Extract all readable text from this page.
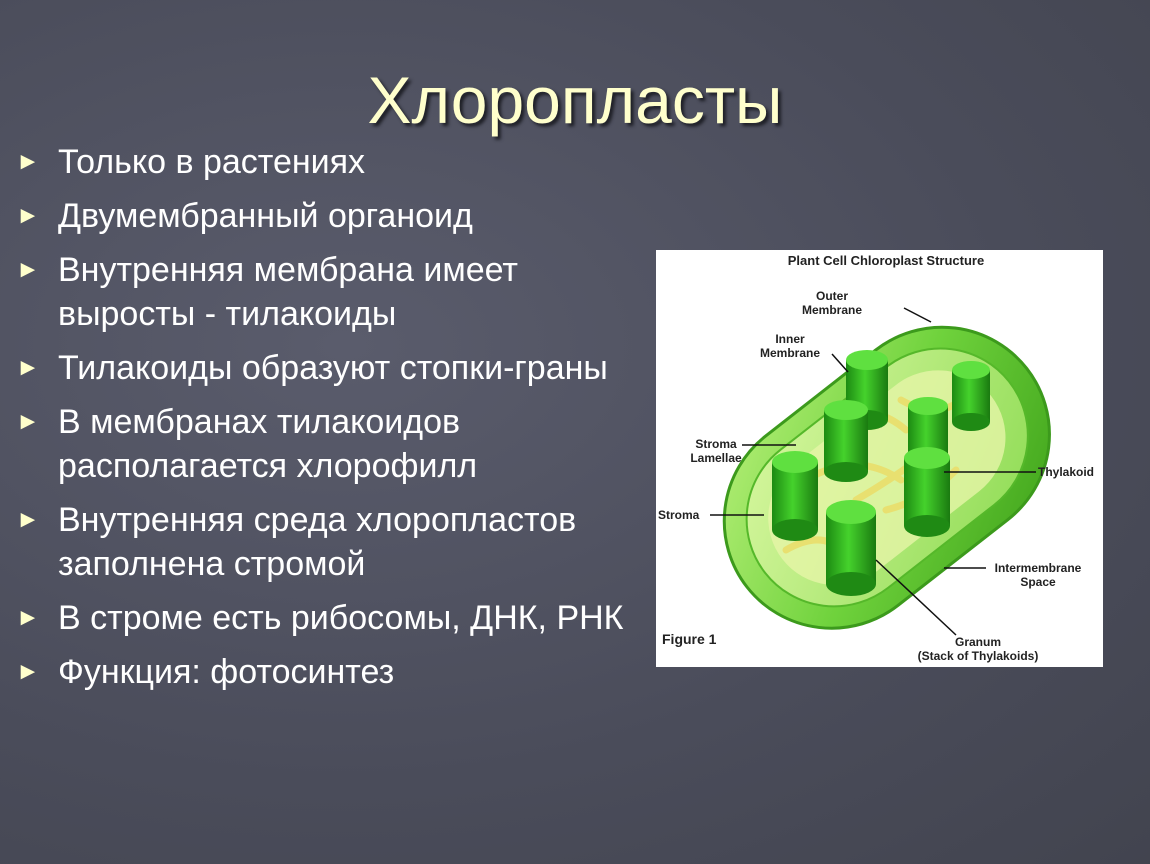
Хлоропласты
► Только в растениях
► Двумембранный органоид
► Внутренняя мембрана имеет выросты - тилакоиды
► Тилакоиды образуют стопки-граны
► В мембранах тилакоидов располагается хлорофилл
► Внутренняя среда хлоропластов заполнена стромой
► В строме есть рибосомы, ДНК, РНК
► Функция: фотосинтез
Plant Cell Chloroplast Structure
Outer
Membrane
Inner
Membrane
Stroma
Lamellae
Thylakoid
Stroma
Intermembrane
Space
Granum
(Stack of Thylakoids)
Figure 1
